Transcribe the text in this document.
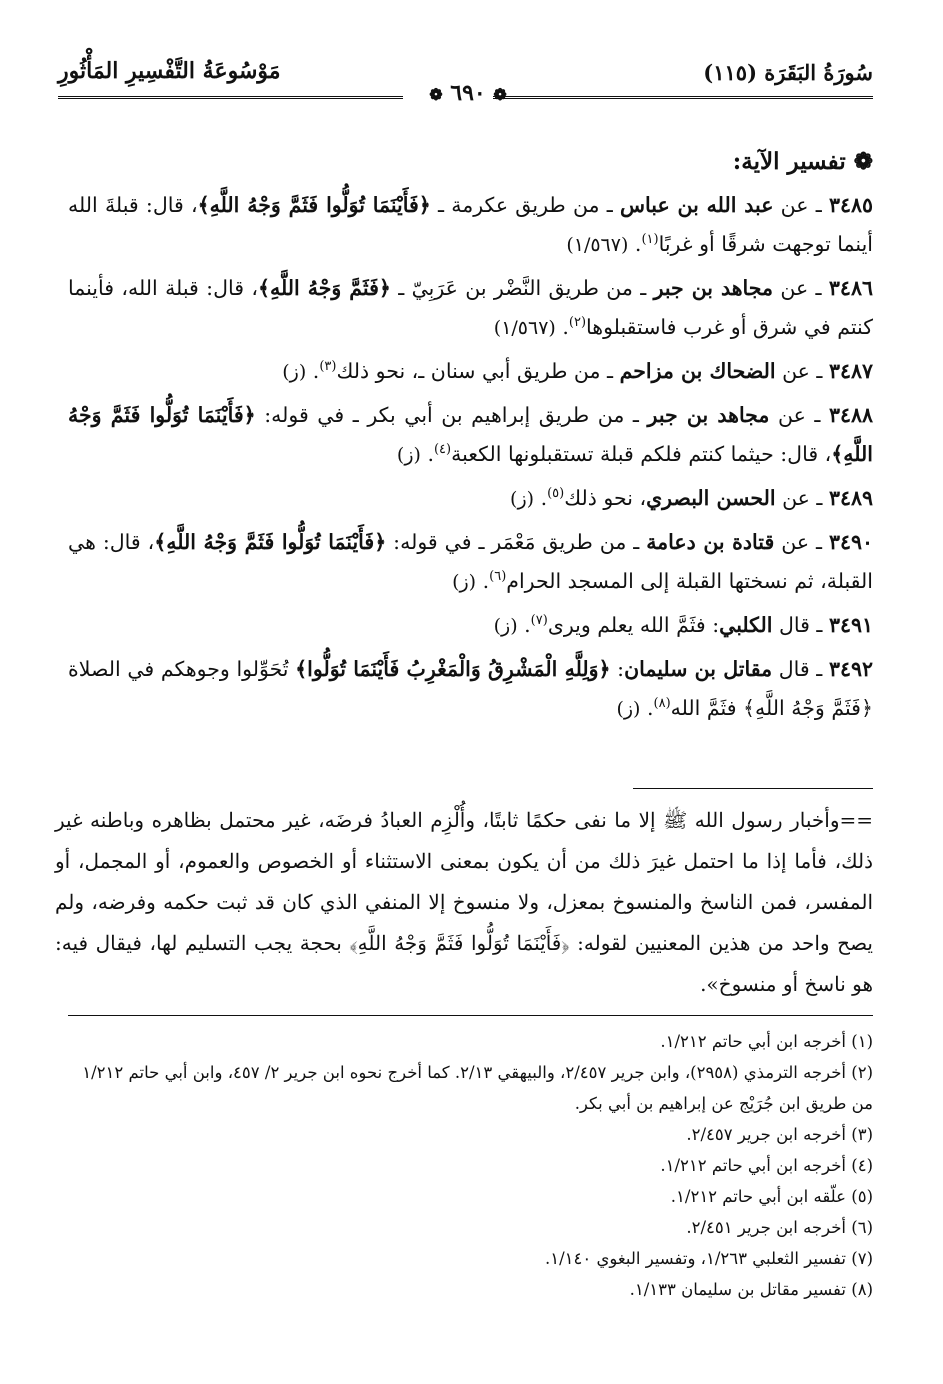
سُورَةُ البَقَرَة (١١٥)
❁ ٦٩٠ ❁
مَوْسُوعَةُ التَّفْسِيرِ المَأْثُورِ
❁ تفسير الآية:

٣٤٨٥ ـ عن عبد الله بن عباس ـ من طريق عكرمة ـ ﴿فَأَيْنَمَا تُوَلُّوا فَثَمَّ وَجْهُ اللَّهِ﴾، قال: قبلةَ الله أينما توجهت شرقًا أو غربًا$^{(١)}$. (١/٥٦٧)

٣٤٨٦ ـ عن مجاهد بن جبر ـ من طريق النَّضْر بن عَرَبِيّ ـ ﴿فَثَمَّ وَجْهُ اللَّهِ﴾، قال: قبلة الله، فأينما كنتم في شرق أو غرب فاستقبلوها$^{(٢)}$. (١/٥٦٧)

٣٤٨٧ ـ عن الضحاك بن مزاحم ـ من طريق أبي سنان ـ، نحو ذلك$^{(٣)}$. (ز)

٣٤٨٨ ـ عن مجاهد بن جبر ـ من طريق إبراهيم بن أبي بكر ـ في قوله: ﴿فَأَيْنَمَا تُوَلُّوا فَثَمَّ وَجْهُ اللَّهِ﴾، قال: حيثما كنتم فلكم قبلة تستقبلونها الكعبة$^{(٤)}$. (ز)

٣٤٨٩ ـ عن الحسن البصري، نحو ذلك$^{(٥)}$. (ز)

٣٤٩٠ ـ عن قتادة بن دعامة ـ من طريق مَعْمَر ـ في قوله: ﴿فَأَيْنَمَا تُوَلُّوا فَثَمَّ وَجْهُ اللَّهِ﴾، قال: هي القبلة، ثم نسختها القبلة إلى المسجد الحرام$^{(٦)}$. (ز)

٣٤٩١ ـ قال الكلبي: فثَمَّ الله يعلم ويرى$^{(٧)}$. (ز)

٣٤٩٢ ـ قال مقاتل بن سليمان: ﴿وَلِلَّهِ الْمَشْرِقُ وَالْمَغْرِبُ فَأَيْنَمَا تُوَلُّوا﴾ تُحَوِّلوا وجوهكم في الصلاة ﴿فَثَمَّ وَجْهُ اللَّهِ﴾ فثَمَّ الله$^{(٨)}$. (ز)

==وأخبار رسول الله ﷺ إلا ما نفى حكمًا ثابتًا، وأُلْزِم العبادُ فرضَه، غير محتمل بظاهره وباطنه غير ذلك، فأما إذا ما احتمل غيرَ ذلك من أن يكون بمعنى الاستثناء أو الخصوص والعموم، أو المجمل، أو المفسر، فمن الناسخ والمنسوخ بمعزل، ولا منسوخ إلا المنفي الذي كان قد ثبت حكمه وفرضه، ولم يصح واحد من هذين المعنيين لقوله: ﴿فَأَيْنَمَا تُوَلُّوا فَثَمَّ وَجْهُ اللَّهِ﴾ بحجة يجب التسليم لها، فيقال فيه: هو ناسخ أو منسوخ».

(١) أخرجه ابن أبي حاتم ١/٢١٢.

(٢) أخرجه الترمذي (٢٩٥٨)، وابن جرير ٢/٤٥٧، والبيهقي ٢/١٣. كما أخرج نحوه ابن جرير ٢/ ٤٥٧، وابن أبي حاتم ١/٢١٢ من طريق ابن جُرَيْج عن إبراهيم بن أبي بكر.

(٣) أخرجه ابن جرير ٢/٤٥٧.

(٤) أخرجه ابن أبي حاتم ١/٢١٢.

(٥) علّقه ابن أبي حاتم ١/٢١٢.

(٦) أخرجه ابن جرير ٢/٤٥١.

(٧) تفسير الثعلبي ١/٢٦٣، وتفسير البغوي ١/١٤٠.

(٨) تفسير مقاتل بن سليمان ١/١٣٣.
